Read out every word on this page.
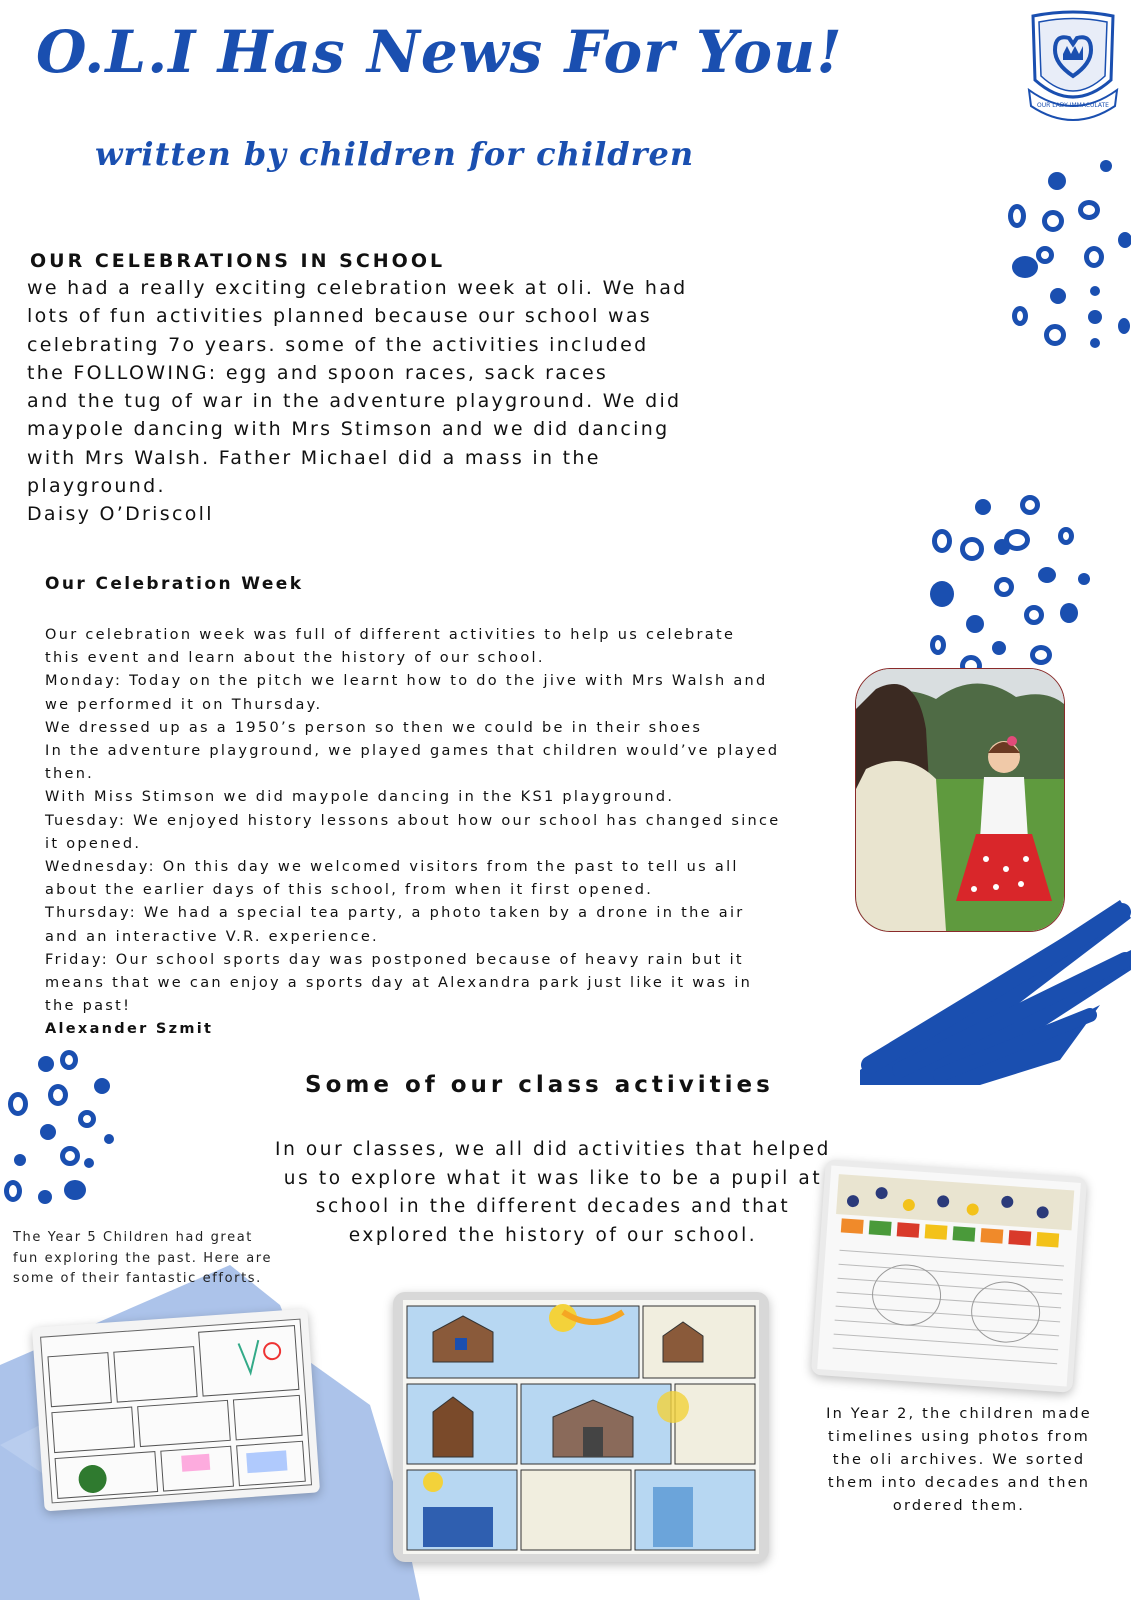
O.L.I Has News For You!
written by children for children
OUR LADY IMMACULATE
OUR CELEBRATIONS IN SCHOOL
we had a really exciting celebration week at oli. We had
lots of fun activities planned because our school was
celebrating 7o years. some of the activities included
the FOLLOWING: egg and spoon races, sack races
and the tug of war in the adventure playground. We did
maypole dancing with Mrs Stimson and we did dancing
with Mrs Walsh. Father Michael did a mass in the
playground.
Daisy O’Driscoll
Our Celebration Week
Our celebration week was full of different activities to help us celebrate
this event and learn about the history of our school.
Monday: Today on the pitch we learnt how to do the jive with Mrs Walsh and
we performed it on Thursday.
We dressed up as a 1950’s person so then we could be in their shoes
In the adventure playground, we played games that children would’ve played
then.
With Miss Stimson we did maypole dancing in the KS1 playground.
Tuesday: We enjoyed history lessons about how our school has changed since
it opened.
Wednesday: On this day we welcomed visitors from the past to tell us all
about the earlier days of this school, from when it first opened.
Thursday: We had a special tea party, a photo taken by a drone in the air
and an interactive V.R. experience.
Friday: Our school sports day was postponed because of heavy rain but it
means that we can enjoy a sports day at Alexandra park just like it was in
the past!
Alexander Szmit
Some of our class activities
In our classes, we all did activities that helped
us to explore what it was like to be a pupil at
school in the different decades and that
explored the history of our school.
The Year 5 Children had great fun exploring the past. Here are some of their fantastic efforts.
In Year 2, the children made
timelines using photos from
the oli archives. We sorted
them into decades and then
ordered them.
